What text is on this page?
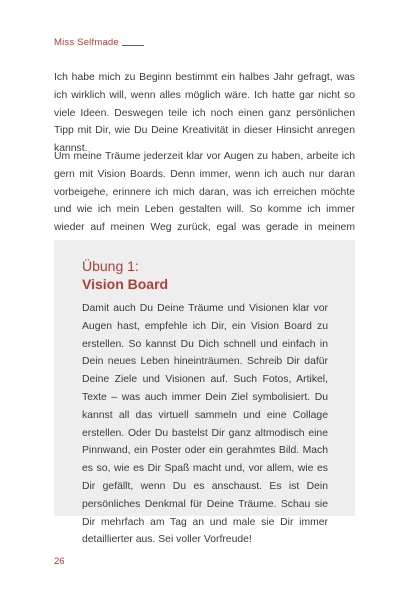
Miss Selfmade

Ich habe mich zu Beginn bestimmt ein halbes Jahr gefragt, was ich wirklich will, wenn alles möglich wäre. Ich hatte gar nicht so viele Ideen. Deswegen teile ich noch einen ganz persönlichen Tipp mit Dir, wie Du Deine Kreativität in dieser Hinsicht anregen kannst.

Um meine Träume jederzeit klar vor Augen zu haben, arbeite ich gern mit Vision Boards. Denn immer, wenn ich auch nur daran vorbeigehe, erinnere ich mich daran, was ich erreichen möchte und wie ich mein Leben gestalten will. So komme ich immer wieder auf meinen Weg zurück, egal was gerade in meinem

Übung 1:
Vision Board

Damit auch Du Deine Träume und Visionen klar vor Augen hast, empfehle ich Dir, ein Vision Board zu erstellen. So kannst Du Dich schnell und einfach in Dein neues Leben hineinträumen. Schreib Dir dafür Deine Ziele und Visionen auf. Such Fotos, Artikel, Texte – was auch immer Dein Ziel symbolisiert. Du kannst all das virtuell sammeln und eine Collage erstellen. Oder Du bastelst Dir ganz altmodisch eine Pinnwand, ein Poster oder ein gerahmtes Bild. Mach es so, wie es Dir Spaß macht und, vor allem, wie es Dir gefällt, wenn Du es anschaust. Es ist Dein persönliches Denkmal für Deine Träume. Schau sie Dir mehrfach am Tag an und male sie Dir immer detaillierter aus. Sei voller Vorfreude!

26
